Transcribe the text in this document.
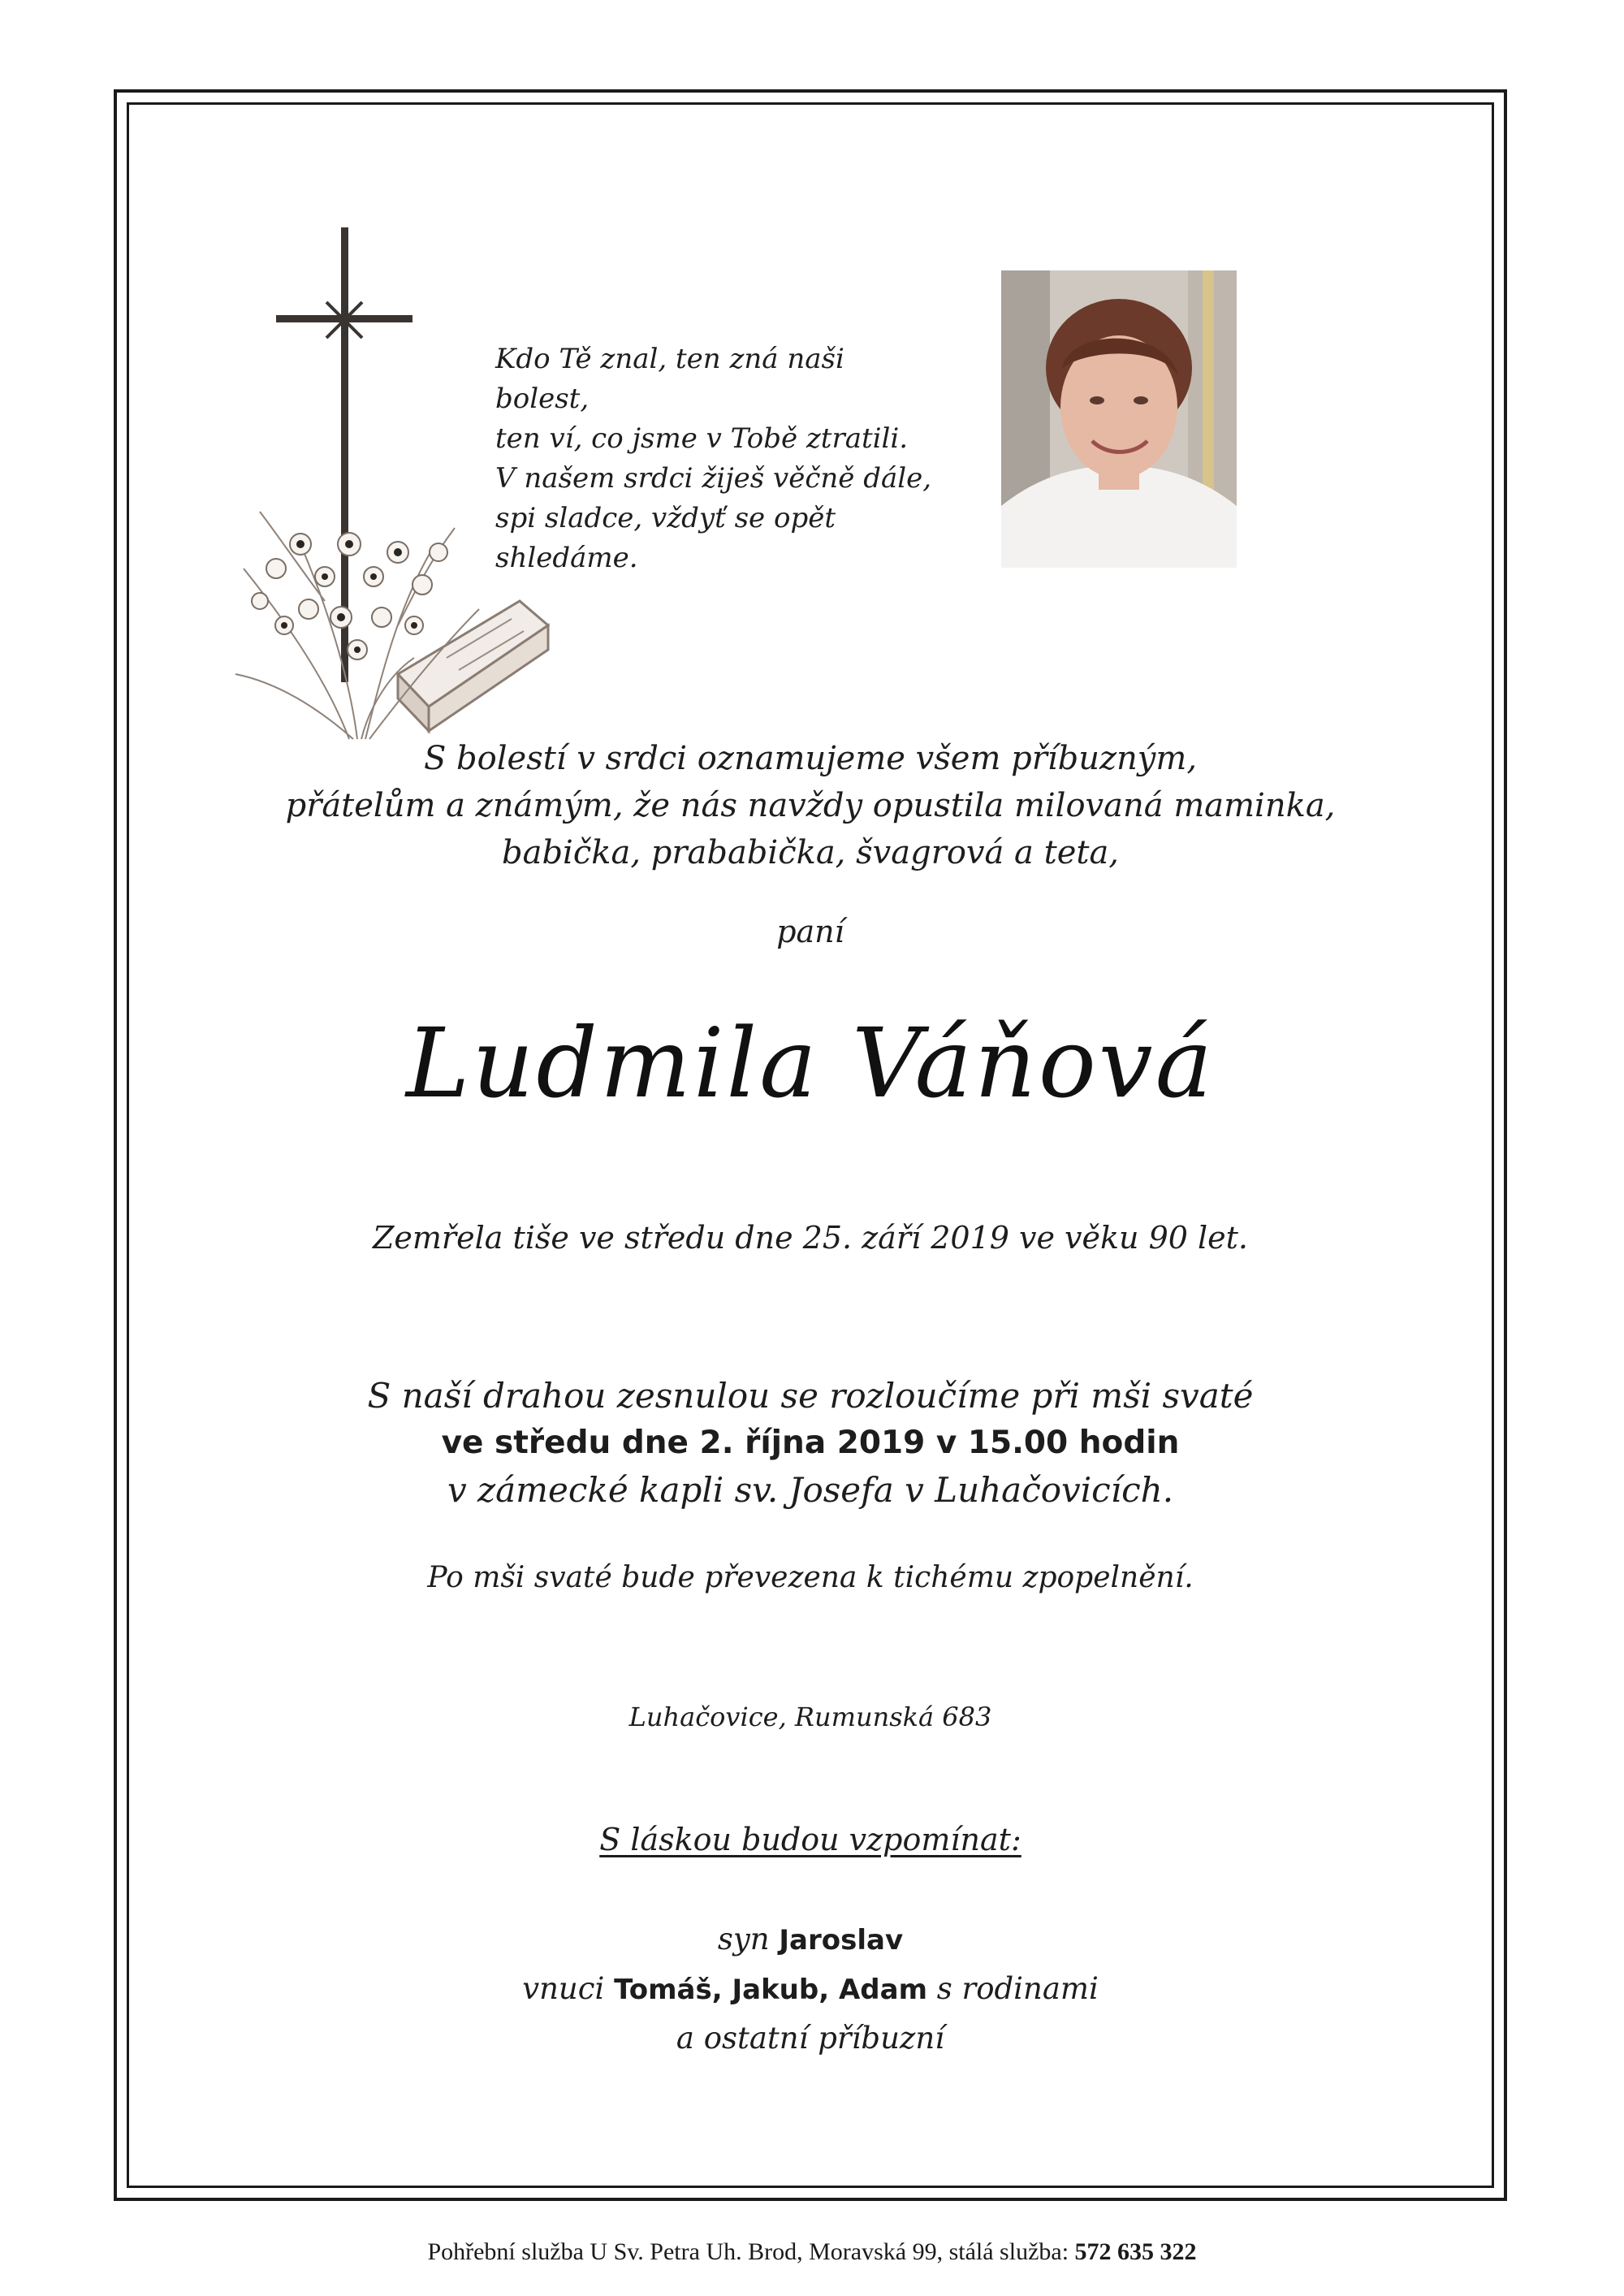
Kdo Tě znal, ten zná naši bolest,
ten ví, co jsme v Tobě ztratili.
V našem srdci žiješ věčně dále,
spi sladce, vždyť se opět shledáme.
S bolestí v srdci oznamujeme všem příbuzným,
přátelům a známým, že nás navždy opustila milovaná maminka,
babička, prababička, švagrová a teta,
paní
Ludmila Váňová
Zemřela tiše ve středu dne 25. září 2019 ve věku 90 let.
S naší drahou zesnulou se rozloučíme při mši svaté
ve středu dne 2. října 2019 v 15.00 hodin
v zámecké kapli sv. Josefa v Luhačovicích.
Po mši svaté bude převezena k tichému zpopelnění.
Luhačovice, Rumunská 683
S láskou budou vzpomínat:
syn Jaroslav
vnuci Tomáš, Jakub, Adam s rodinami
a ostatní příbuzní
Pohřební služba U Sv. Petra Uh. Brod, Moravská 99, stálá služba: 572 635 322
